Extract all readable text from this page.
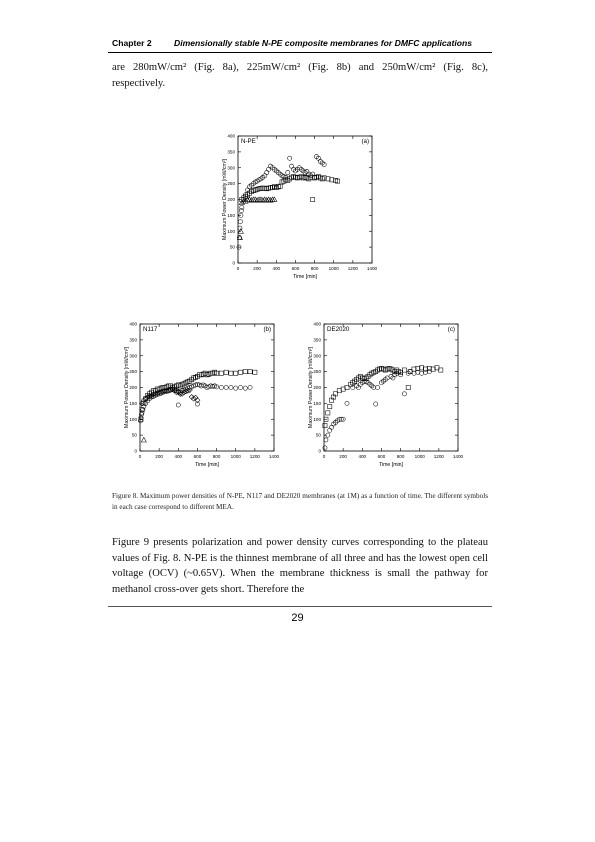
Chapter 2	Dimensionally stable N-PE composite membranes for DMFC applications
are 280mW/cm² (Fig. 8a), 225mW/cm² (Fig. 8b) and 250mW/cm² (Fig. 8c), respectively.
0
50
100
150
200
250
300
350
400
0	200 400 600 800 1000 1200 1400
Time [min]
Maximum Power Density [mW/cm²]
N-PE	(a)
0
50
100
150
200
250
300
350
400
0	200 400 600 800 1000 1200 1400
Time [min]
Maximum Power Density [mW/cm²]
N117	(b)
0
50
100
150
200
250
300
350
400
0	200 400 600 800 1000 1200 1400
Time [min]
Maximum Power Density [mW/cm²]
DE2020	(c)
Figure 8. Maximum power densities of N-PE, N117 and DE2020 membranes (at 1M) as a function of time. The different symbols in each case correspond to different MEA.
Figure 9 presents polarization and power density curves corresponding to the plateau values of Fig. 8. N-PE is the thinnest membrane of all three and has the lowest open cell voltage (OCV) (~0.65V). When the membrane thickness is small the pathway for methanol cross-over gets short. Therefore the
29
